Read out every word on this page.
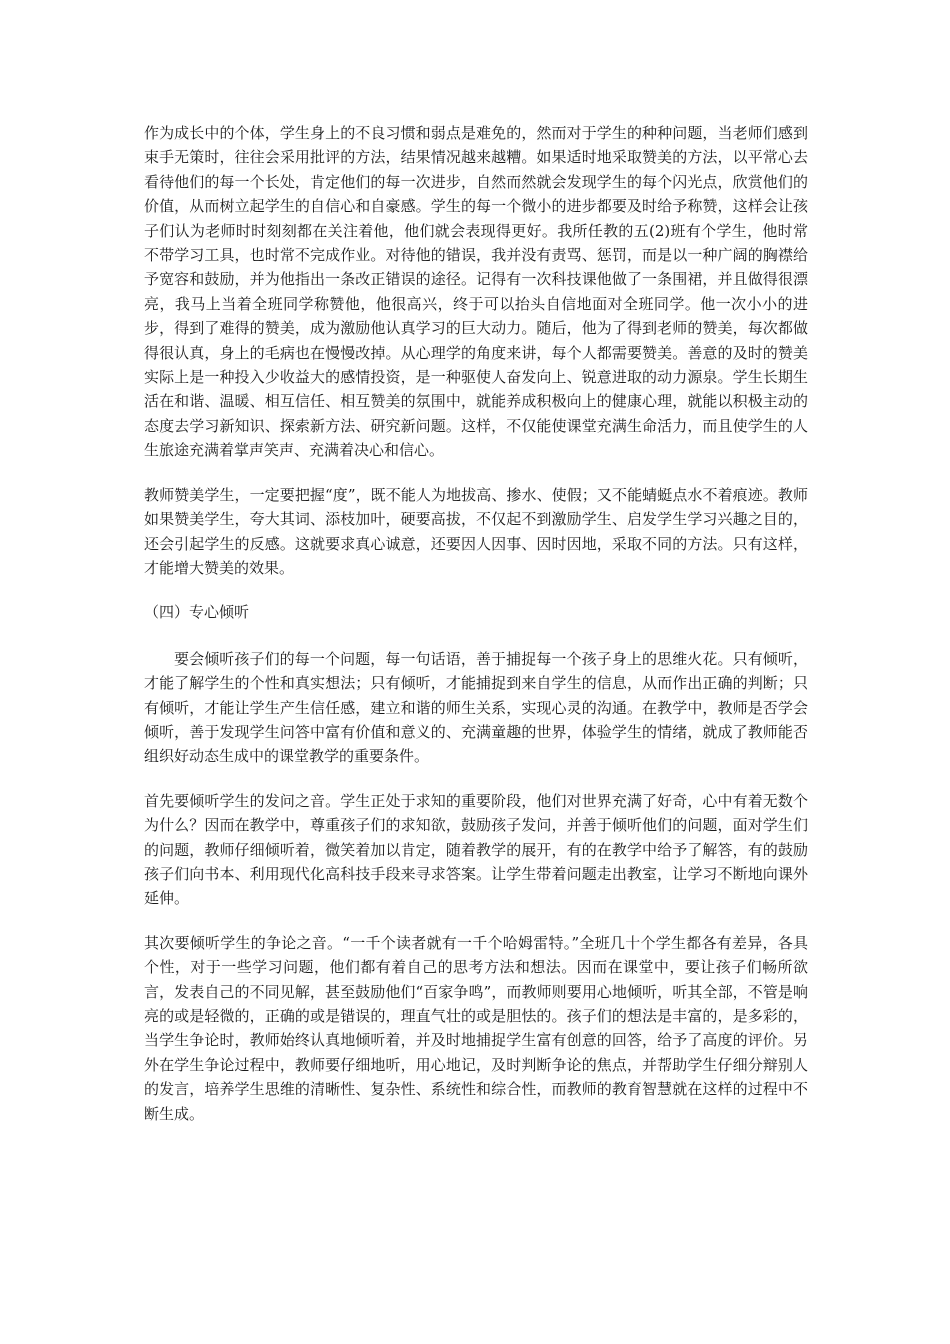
作为成长中的个体，学生身上的不良习惯和弱点是难免的，然而对于学生的种种问题，当老师们感到束手无策时，往往会采用批评的方法，结果情况越来越糟。如果适时地采取赞美的方法，以平常心去看待他们的每一个长处，肯定他们的每一次进步，自然而然就会发现学生的每个闪光点，欣赏他们的价值，从而树立起学生的自信心和自豪感。学生的每一个微小的进步都要及时给予称赞，这样会让孩子们认为老师时时刻刻都在关注着他，他们就会表现得更好。我所任教的五(2)班有个学生，他时常不带学习工具，也时常不完成作业。对待他的错误，我并没有责骂、惩罚，而是以一种广阔的胸襟给予宽容和鼓励，并为他指出一条改正错误的途径。记得有一次科技课他做了一条围裙，并且做得很漂亮，我马上当着全班同学称赞他，他很高兴，终于可以抬头自信地面对全班同学。他一次小小的进步，得到了难得的赞美，成为激励他认真学习的巨大动力。随后，他为了得到老师的赞美，每次都做得很认真，身上的毛病也在慢慢改掉。从心理学的角度来讲，每个人都需要赞美。善意的及时的赞美实际上是一种投入少收益大的感情投资，是一种驱使人奋发向上、锐意进取的动力源泉。学生长期生活在和谐、温暖、相互信任、相互赞美的氛围中，就能养成积极向上的健康心理，就能以积极主动的态度去学习新知识、探索新方法、研究新问题。这样，不仅能使课堂充满生命活力，而且使学生的人生旅途充满着掌声笑声、充满着决心和信心。

教师赞美学生，一定要把握“度”，既不能人为地拔高、掺水、使假；又不能蜻蜓点水不着痕迹。教师如果赞美学生，夸大其词、添枝加叶，硬要高拔，不仅起不到激励学生、启发学生学习兴趣之目的，还会引起学生的反感。这就要求真心诚意，还要因人因事、因时因地，采取不同的方法。只有这样，才能增大赞美的效果。

（四）专心倾听

要会倾听孩子们的每一个问题，每一句话语，善于捕捉每一个孩子身上的思维火花。只有倾听，才能了解学生的个性和真实想法；只有倾听，才能捕捉到来自学生的信息，从而作出正确的判断；只有倾听，才能让学生产生信任感，建立和谐的师生关系，实现心灵的沟通。在教学中，教师是否学会倾听，善于发现学生问答中富有价值和意义的、充满童趣的世界，体验学生的情绪，就成了教师能否组织好动态生成中的课堂教学的重要条件。

首先要倾听学生的发问之音。学生正处于求知的重要阶段，他们对世界充满了好奇，心中有着无数个为什么？因而在教学中，尊重孩子们的求知欲，鼓励孩子发问，并善于倾听他们的问题，面对学生们的问题，教师仔细倾听着，微笑着加以肯定，随着教学的展开，有的在教学中给予了解答，有的鼓励孩子们向书本、利用现代化高科技手段来寻求答案。让学生带着问题走出教室，让学习不断地向课外延伸。

其次要倾听学生的争论之音。“一千个读者就有一千个哈姆雷特。”全班几十个学生都各有差异，各具个性，对于一些学习问题，他们都有着自己的思考方法和想法。因而在课堂中，要让孩子们畅所欲言，发表自己的不同见解，甚至鼓励他们“百家争鸣”，而教师则要用心地倾听，听其全部，不管是响亮的或是轻微的，正确的或是错误的，理直气壮的或是胆怯的。孩子们的想法是丰富的，是多彩的，当学生争论时，教师始终认真地倾听着，并及时地捕捉学生富有创意的回答，给予了高度的评价。另外在学生争论过程中，教师要仔细地听，用心地记，及时判断争论的焦点，并帮助学生仔细分辩别人的发言，培养学生思维的清晰性、复杂性、系统性和综合性，而教师的教育智慧就在这样的过程中不断生成。
